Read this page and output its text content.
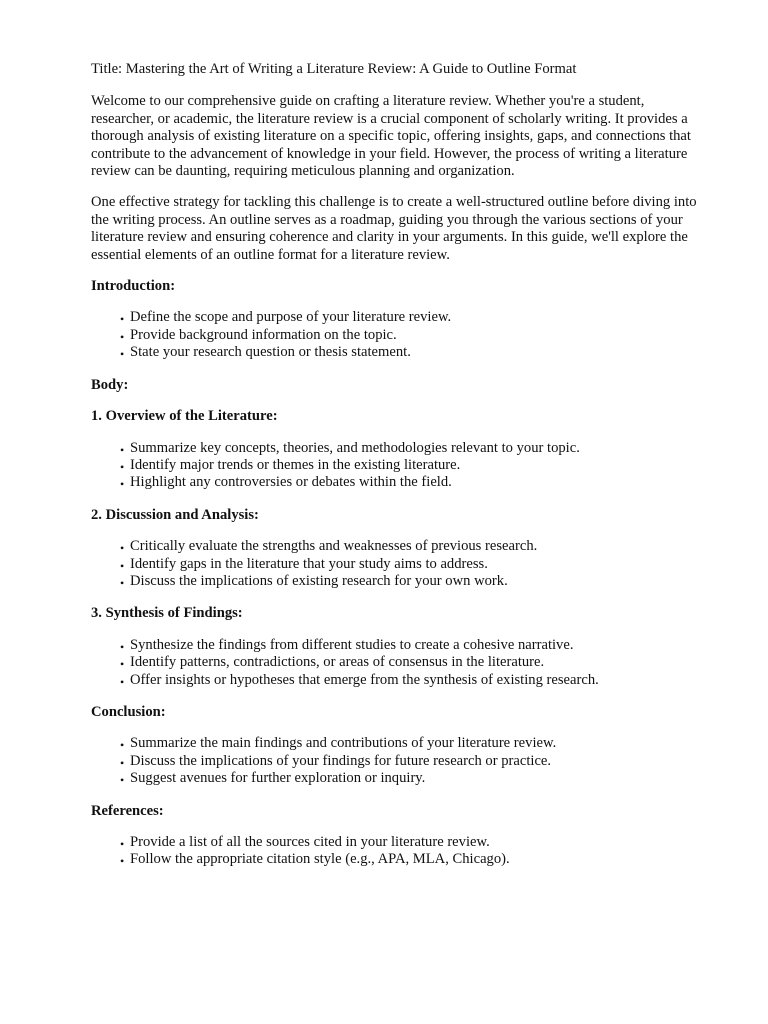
Title: Mastering the Art of Writing a Literature Review: A Guide to Outline Format

Welcome to our comprehensive guide on crafting a literature review. Whether you're a student, researcher, or academic, the literature review is a crucial component of scholarly writing. It provides a thorough analysis of existing literature on a specific topic, offering insights, gaps, and connections that contribute to the advancement of knowledge in your field. However, the process of writing a literature review can be daunting, requiring meticulous planning and organization.

One effective strategy for tackling this challenge is to create a well-structured outline before diving into the writing process. An outline serves as a roadmap, guiding you through the various sections of your literature review and ensuring coherence and clarity in your arguments. In this guide, we'll explore the essential elements of an outline format for a literature review.

Introduction:

• Define the scope and purpose of your literature review.
• Provide background information on the topic.
• State your research question or thesis statement.

Body:

1. Overview of the Literature:

• Summarize key concepts, theories, and methodologies relevant to your topic.
• Identify major trends or themes in the existing literature.
• Highlight any controversies or debates within the field.

2. Discussion and Analysis:

• Critically evaluate the strengths and weaknesses of previous research.
• Identify gaps in the literature that your study aims to address.
• Discuss the implications of existing research for your own work.

3. Synthesis of Findings:

• Synthesize the findings from different studies to create a cohesive narrative.
• Identify patterns, contradictions, or areas of consensus in the literature.
• Offer insights or hypotheses that emerge from the synthesis of existing research.

Conclusion:

• Summarize the main findings and contributions of your literature review.
• Discuss the implications of your findings for future research or practice.
• Suggest avenues for further exploration or inquiry.

References:

• Provide a list of all the sources cited in your literature review.
• Follow the appropriate citation style (e.g., APA, MLA, Chicago).
